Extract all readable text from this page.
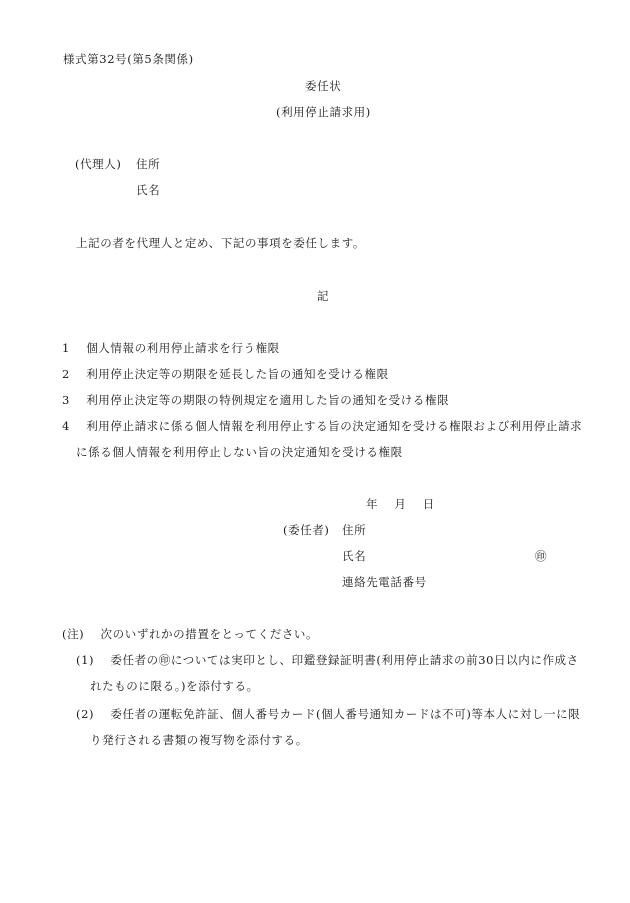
様式第32号(第5条関係)
委任状
(利用停止請求用)
(代理人) 住所
氏名
上記の者を代理人と定め、下記の事項を委任します。
記
1 個人情報の利用停止請求を行う権限
2 利用停止決定等の期限を延長した旨の通知を受ける権限
3 利用停止決定等の期限の特例規定を適用した旨の通知を受ける権限
4 利用停止請求に係る個人情報を利用停止する旨の決定通知を受ける権限および利用停止請求
に係る個人情報を利用停止しない旨の決定通知を受ける権限
年 月 日
(委任者) 住所
氏名	㊞
連絡先電話番号
(注) 次のいずれかの措置をとってください。
(1) 委任者の㊞については実印とし、印鑑登録証明書(利用停止請求の前30日以内に作成さ
れたものに限る。)を添付する。
(2) 委任者の運転免許証、個人番号カード(個人番号通知カードは不可)等本人に対し一に限
り発行される書類の複写物を添付する。
